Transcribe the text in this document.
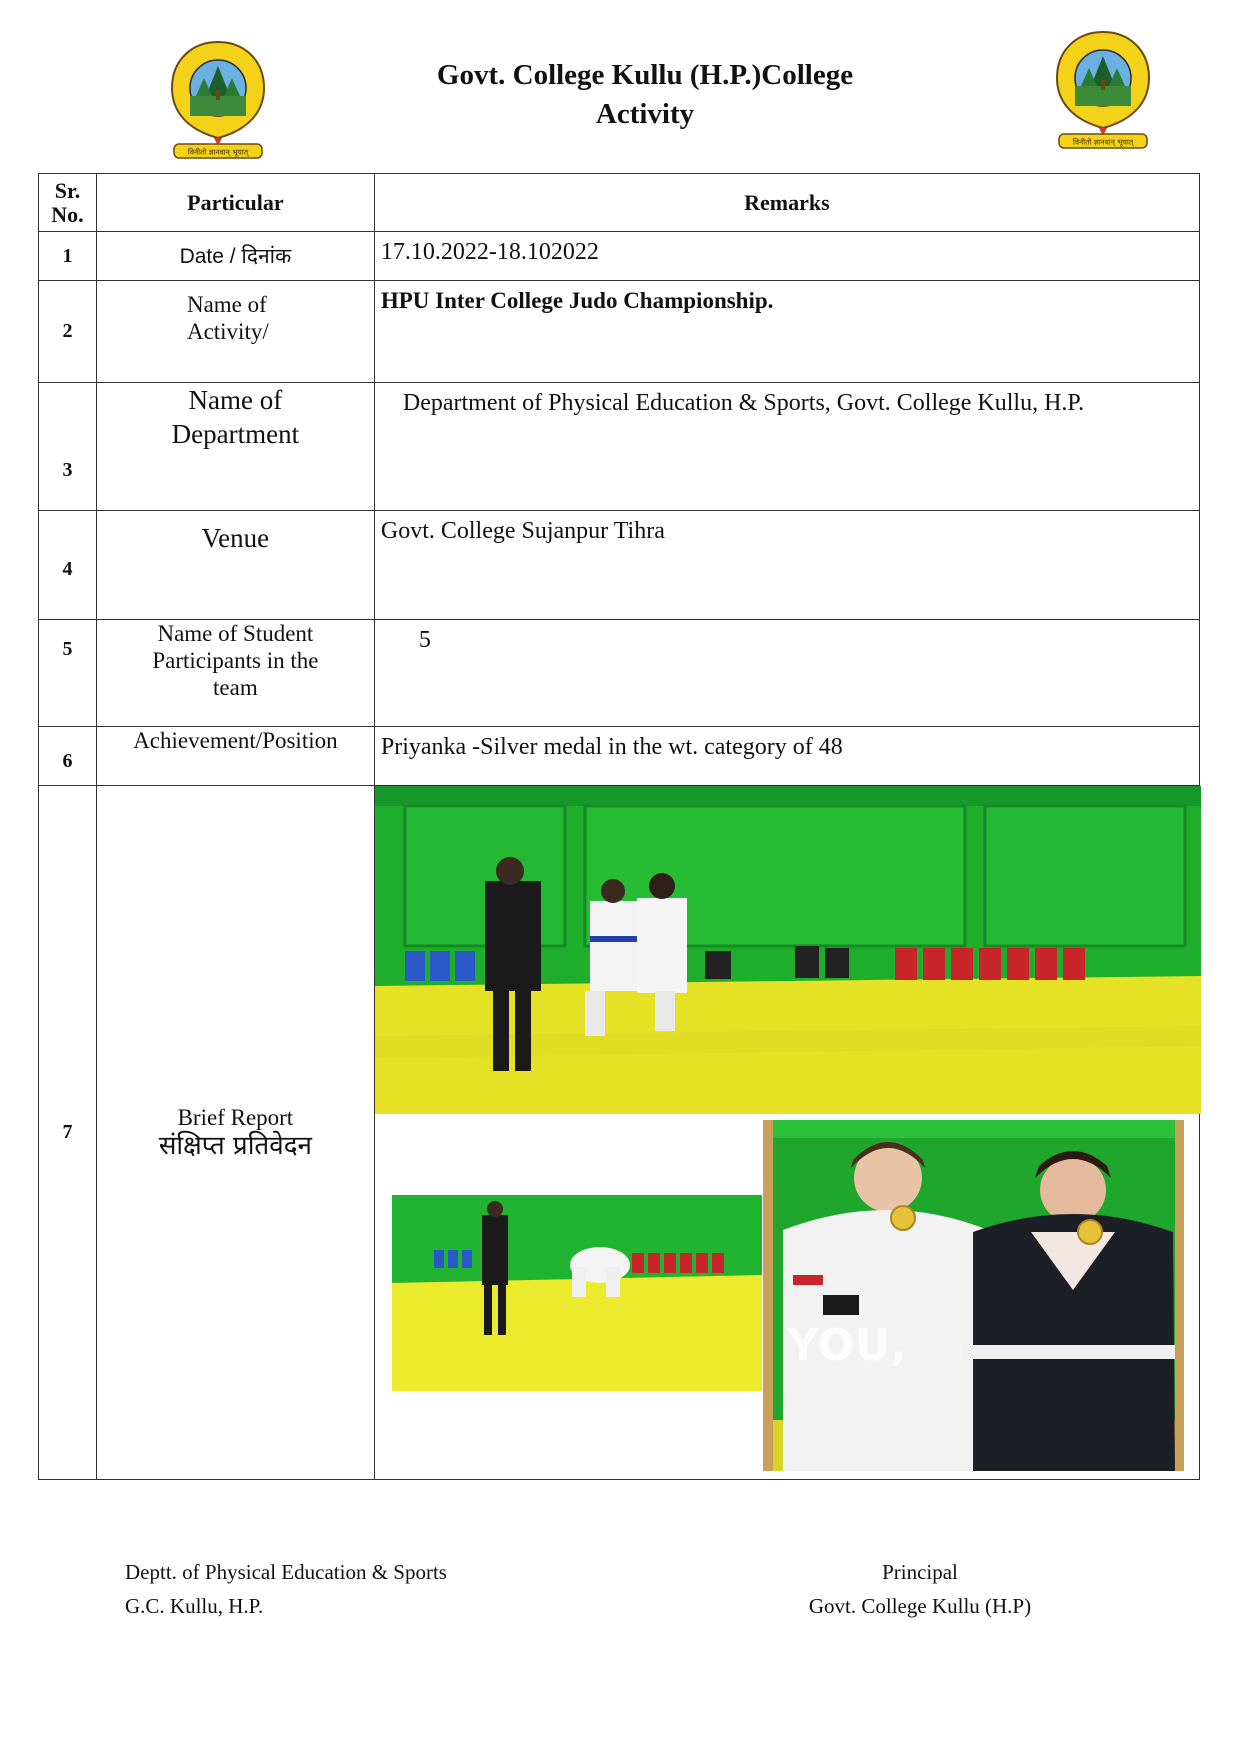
विनीतो ज्ञानवान् भूयात्
Govt. College Kullu (H.P.)College
Activity
विनीतो ज्ञानवान् भूयात्
Sr. No.	Particular	Remarks
1	Date / दिनांक	17.10.2022-18.102022

2	Name of Activity/	HPU Inter College Judo Championship.

3	Name of Department	Department of Physical Education & Sports, Govt. College Kullu, H.P.

4	Venue	Govt. College Sujanpur Tihra

5	Name of Student Participants in the team	5

6	Achievement/Position	Priyanka -Silver medal in the wt. category of 48

7	Brief Report
संक्षिप्त प्रतिवेदन	YOU,
Deptt. of Physical Education & Sports
G.C. Kullu, H.P.
Principal
Govt. College Kullu (H.P)
